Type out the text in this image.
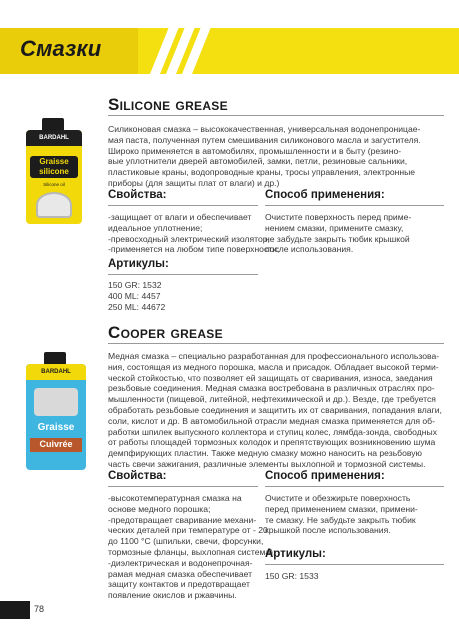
Смазки
BARDAHL
Graisse
silicone
Silicone oil
Silicone grease

Силиконовая смазка – высококачественная, универсальная водонепроницае-

мая паста, полученная путем смешивания силиконового масла и загустителя.

Широко применяется в автомобилях, промышленности и в быту (резино-

вые уплотнители дверей автомобилей, замки, петли, резиновые сальники,

пластиковые краны, водопроводные краны, тросы управления, электронные

приборы (для защиты плат от влаги) и др.)

Свойства:

-защищает от влаги и обеспечивает

идеальное уплотнение;

-превосходный электрический изолятор;

-применяется на любом типе поверхности;

Способ применения:

Очистите поверхность перед приме-

нением смазки, примените смазку,

не забудьте закрыть тюбик крышкой

после использования.

Артикулы:

150 GR: 1532

400 ML: 4457

250 ML: 44672

BARDAHL
Graisse
Cuivrée
Cooper grease

Медная смазка – специально разработанная для профессионального использова-

ния, состоящая из медного порошка, масла и присадок. Обладает высокой терми-

ческой стойкостью, что позволяет ей защищать от сваривания, износа, заедания

резьбовые соединения. Медная смазка востребована в различных отраслях про-

мышленности (пищевой, литейной, нефтехимической и др.). Везде, где требуется

обработать резьбовые соединения и защитить их от сваривания, попадания влаги,

соли, кислот и др. В автомобильной отрасли медная смазка применяется для об-

работки шпилек выпускного коллектора и ступиц колес, лямбда-зонда, свободных

от работы площадей тормозных колодок и препятствующих возникновению шума

демпфирующих пластин. Также медную смазку можно наносить на резьбовую

часть свечи зажигания, различные элементы выхлопной и тормозной системы.

Свойства:

-высокотемпературная смазка на

основе медного порошка;

-предотвращает сваривание механи-

ческих деталей при температуре от - 20

до 1100 °С (шпильки, свечи, форсунки,

тормозные фланцы, выхлопная система);

-диэлектрическая и водонепрочная-

рамая медная смазка обеспечивает

защиту контактов и предотвращает

появление окислов и ржавчины.

Способ применения:

Очистите и обезжирьте поверхность

перед применением смазки, примени-

те смазку. Не забудьте закрыть тюбик

крышкой после использования.

Артикулы:

150 GR: 1533

78
